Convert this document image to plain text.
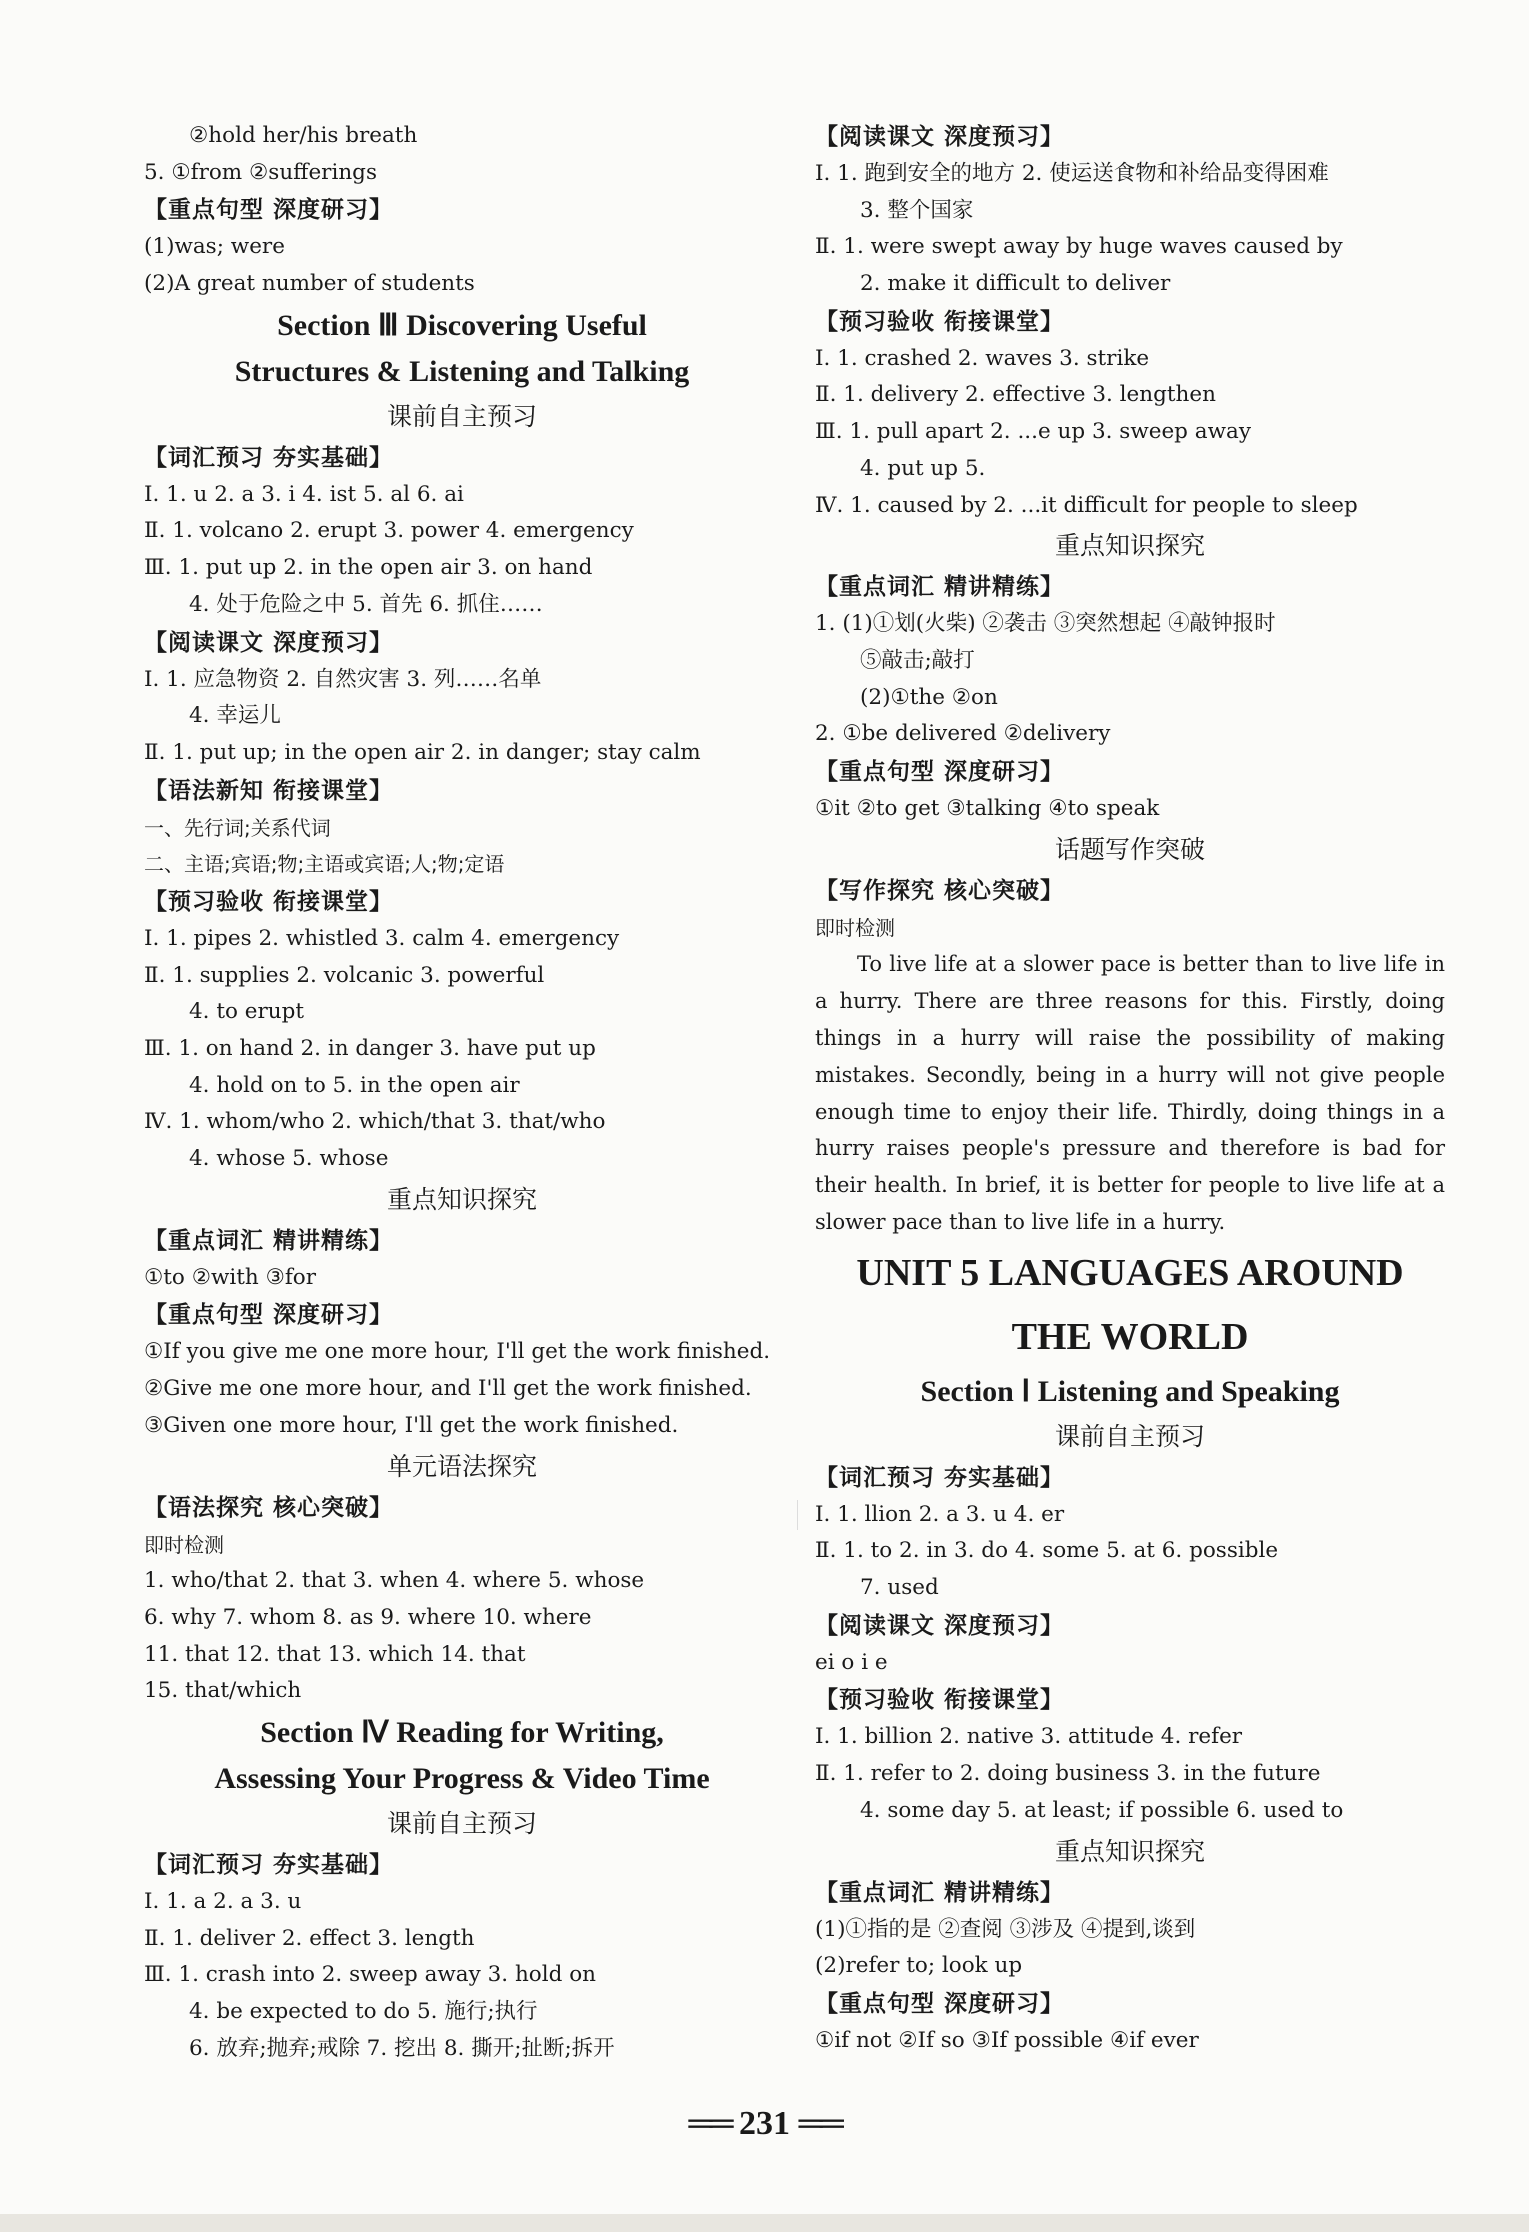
②hold her/his breath
5. ①from ②sufferings
【重点句型 深度研习】
(1)was; were
(2)A great number of students
Section Ⅲ Discovering Useful
Structures & Listening and Talking
课前自主预习
【词汇预习 夯实基础】
Ⅰ. 1. u 2. a 3. i 4. ist 5. al 6. ai
Ⅱ. 1. volcano 2. erupt 3. power 4. emergency
Ⅲ. 1. put up 2. in the open air 3. on hand
4. 处于危险之中 5. 首先 6. 抓住……
【阅读课文 深度预习】
Ⅰ. 1. 应急物资 2. 自然灾害 3. 列……名单
4. 幸运儿
Ⅱ. 1. put up; in the open air 2. in danger; stay calm
【语法新知 衔接课堂】
一、先行词;关系代词
二、主语;宾语;物;主语或宾语;人;物;定语
【预习验收 衔接课堂】
Ⅰ. 1. pipes 2. whistled 3. calm 4. emergency
Ⅱ. 1. supplies 2. volcanic 3. powerful
4. to erupt
Ⅲ. 1. on hand 2. in danger 3. have put up
4. hold on to 5. in the open air
Ⅳ. 1. whom/who 2. which/that 3. that/who
4. whose 5. whose
重点知识探究
【重点词汇 精讲精练】
①to ②with ③for
【重点句型 深度研习】
①If you give me one more hour, I'll get the work finished.
②Give me one more hour, and I'll get the work finished.
③Given one more hour, I'll get the work finished.
单元语法探究
【语法探究 核心突破】
即时检测
1. who/that 2. that 3. when 4. where 5. whose
6. why 7. whom 8. as 9. where 10. where
11. that 12. that 13. which 14. that
15. that/which
Section Ⅳ Reading for Writing,
Assessing Your Progress & Video Time
课前自主预习
【词汇预习 夯实基础】
Ⅰ. 1. a 2. a 3. u
Ⅱ. 1. deliver 2. effect 3. length
Ⅲ. 1. crash into 2. sweep away 3. hold on
4. be expected to do 5. 施行;执行
6. 放弃;抛弃;戒除 7. 挖出 8. 撕开;扯断;拆开
【阅读课文 深度预习】
Ⅰ. 1. 跑到安全的地方 2. 使运送食物和补给品变得困难
3. 整个国家
Ⅱ. 1. were swept away by huge waves caused by
2. make it difficult to deliver
【预习验收 衔接课堂】
Ⅰ. 1. crashed 2. waves 3. strike
Ⅱ. 1. delivery 2. effective 3. lengthen
Ⅲ. 1. pull apart 2. ...e up 3. sweep away
4. put up 5.
Ⅳ. 1. caused by 2. ...it difficult for people to sleep
重点知识探究
【重点词汇 精讲精练】
1. (1)①划(火柴) ②袭击 ③突然想起 ④敲钟报时
⑤敲击;敲打
(2)①the ②on
2. ①be delivered ②delivery
【重点句型 深度研习】
①it ②to get ③talking ④to speak
话题写作突破
【写作探究 核心突破】
即时检测
To live life at a slower pace is better than to live life in a hurry. There are three reasons for this. Firstly, doing things in a hurry will raise the possibility of making mistakes. Secondly, being in a hurry will not give people enough time to enjoy their life. Thirdly, doing things in a hurry raises people's pressure and therefore is bad for their health. In brief, it is better for people to live life at a slower pace than to live life in a hurry.
UNIT 5 LANGUAGES AROUND
THE WORLD
Section Ⅰ Listening and Speaking
课前自主预习
【词汇预习 夯实基础】
Ⅰ. 1. llion 2. a 3. u 4. er
Ⅱ. 1. to 2. in 3. do 4. some 5. at 6. possible
7. used
【阅读课文 深度预习】
ei o i e
【预习验收 衔接课堂】
Ⅰ. 1. billion 2. native 3. attitude 4. refer
Ⅱ. 1. refer to 2. doing business 3. in the future
4. some day 5. at least; if possible 6. used to
重点知识探究
【重点词汇 精讲精练】
(1)①指的是 ②查阅 ③涉及 ④提到,谈到
(2)refer to; look up
【重点句型 深度研习】
①if not ②If so ③If possible ④if ever
══ 231 ══
